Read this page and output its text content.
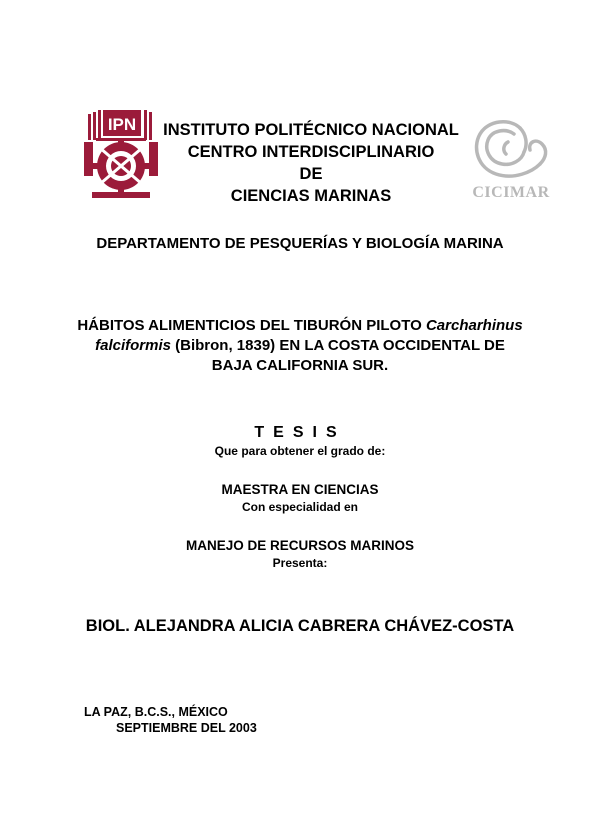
IPN
CICIMAR
INSTITUTO POLITÉCNICO NACIONAL
CENTRO INTERDISCIPLINARIO
DE
CIENCIAS MARINAS
DEPARTAMENTO DE PESQUERÍAS Y BIOLOGÍA MARINA
HÁBITOS ALIMENTICIOS DEL TIBURÓN PILOTO Carcharhinus
falciformis (Bibron, 1839) EN LA COSTA OCCIDENTAL DE
BAJA CALIFORNIA SUR.
TESIS
Que para obtener el grado de:
MAESTRA EN CIENCIAS
Con especialidad en
MANEJO DE RECURSOS MARINOS
Presenta:
BIOL. ALEJANDRA ALICIA CABRERA CHÁVEZ-COSTA
LA PAZ, B.C.S., MÉXICO
SEPTIEMBRE DEL 2003
